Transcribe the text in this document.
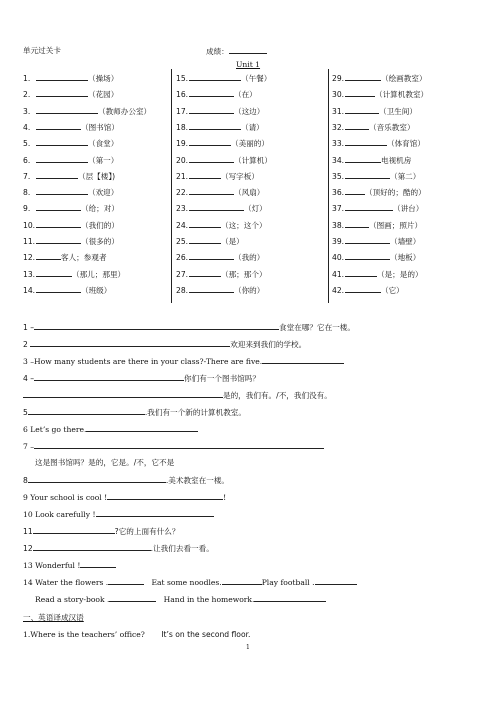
单元过关卡	成绩：
Unit 1
1.	（操场）
2.	（花园）
3.	（教师办公室）
4.	（图书馆）
5.	（食堂）
6.	（第一）
7.	（层【楼】)
8.	（欢迎）
9.	（给；对）
10.	（我们的）
11.	（很多的）
12.	客人；参观者
13.	（那儿；那里）
14.	（班级）
15.	（午餐）
16.	（在）
17.	（这边）
18.	（请）
19.	（美丽的）
20.	（计算机）
21.	（写字板）
22.	（风扇）
23.	（灯）
24.	（这；这个）
25.	（是）
26.	（我的）
27.	（那；那个）
28.	（你的）
29.	（绘画教室）
30.	（计算机教室）
31.	（卫生间）
32.	（音乐教室）
33.	（体育馆）
34.	电视机房
35.	（第二）
36.	（顶好的；酷的）
37.	（讲台）
38.	（图画；照片）
39.	（墙壁）
40.	（地板）
41.	（是；是的）
42.	（它）
1 –	食堂在哪？它在一楼。
2	欢迎来到我们的学校。
3 –How many students are there in your class?-There are five.
4 –	你们有一个图书馆吗？
是的，我们有。/不，我们没有。
5	.我们有一个新的计算机教室。
6 Let’s go there.
7 –
这是图书馆吗？是的，它是。/不，它不是
8	.美术教室在一楼。
9 Your school is cool !	!
10 Look carefully !
11	?它的上面有什么？
12	.让我们去看一看。
13 Wonderful !
14 Water the flowers .	Eat some noodles.	Play football .
Read a story-book .	Hand in the homework.
一、英语译成汉语
1.Where is the teachers’ office? It’s on the second floor.
1
